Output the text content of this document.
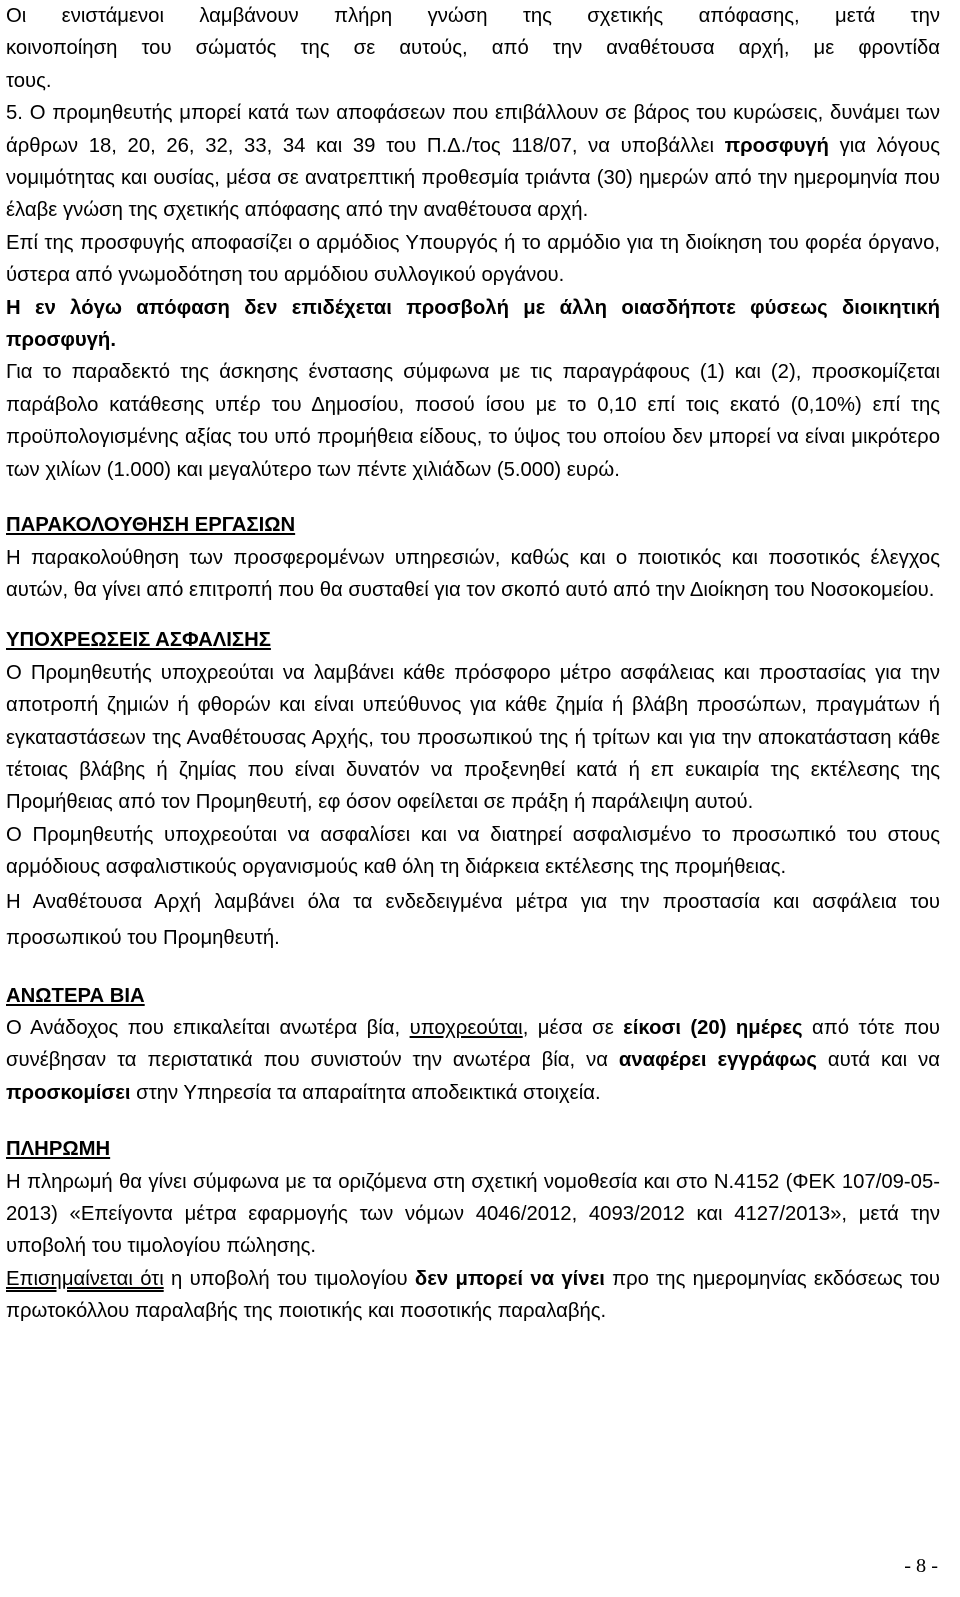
Οι ενιστάμενοι λαμβάνουν πλήρη γνώση της σχετικής απόφασης, μετά την

κοινοποίηση του σώματός της σε αυτούς, από την αναθέτουσα αρχή, με φροντίδα

τους.

5. Ο προμηθευτής μπορεί κατά των αποφάσεων που επιβάλλουν σε βάρος του κυρώσεις, δυνάμει των άρθρων 18, 20, 26, 32, 33, 34 και 39 του Π.Δ./τος 118/07, να υποβάλλει προσφυγή για λόγους νομιμότητας και ουσίας, μέσα σε ανατρεπτική προθεσμία τριάντα (30) ημερών από την ημερομηνία που έλαβε γνώση της σχετικής απόφασης από την αναθέτουσα αρχή.

Επί της προσφυγής αποφασίζει ο αρμόδιος Υπουργός ή το αρμόδιο για τη διοίκηση του φορέα όργανο, ύστερα από γνωμοδότηση του αρμόδιου συλλογικού οργάνου.

Η εν λόγω απόφαση δεν επιδέχεται προσβολή με άλλη οιασδήποτε φύσεως διοικητική προσφυγή.

Για το παραδεκτό της άσκησης ένστασης σύμφωνα με τις παραγράφους (1) και (2), προσκομίζεται παράβολο κατάθεσης υπέρ του Δημοσίου, ποσού ίσου με το 0,10 επί τοις εκατό (0,10%) επί της προϋπολογισμένης αξίας του υπό προμήθεια είδους, το ύψος του οποίου δεν μπορεί να είναι μικρότερο των χιλίων (1.000) και μεγαλύτερο των πέντε χιλιάδων (5.000) ευρώ.

ΠΑΡΑΚΟΛΟΥΘΗΣΗ ΕΡΓΑΣΙΩΝ

Η παρακολούθηση των προσφερομένων υπηρεσιών, καθώς και ο ποιοτικός και ποσοτικός έλεγχος αυτών, θα γίνει από επιτροπή που θα συσταθεί για τον σκοπό αυτό από την Διοίκηση του Νοσοκομείου.

ΥΠΟΧΡΕΩΣΕΙΣ ΑΣΦΑΛΙΣΗΣ

Ο Προμηθευτής υποχρεούται να λαμβάνει κάθε πρόσφορο μέτρο ασφάλειας και προστασίας για την αποτροπή ζημιών ή φθορών και είναι υπεύθυνος για κάθε ζημία ή βλάβη προσώπων, πραγμάτων ή εγκαταστάσεων της Αναθέτουσας Αρχής, του προσωπικού της ή τρίτων και για την αποκατάσταση κάθε τέτοιας βλάβης ή ζημίας που είναι δυνατόν να προξενηθεί κατά ή επ ευκαιρία της εκτέλεσης της Προμήθειας από τον Προμηθευτή, εφ όσον οφείλεται σε πράξη ή παράλειψη αυτού.

Ο Προμηθευτής υποχρεούται να ασφαλίσει και να διατηρεί ασφαλισμένο το προσωπικό του στους αρμόδιους ασφαλιστικούς οργανισμούς καθ όλη τη διάρκεια εκτέλεσης της προμήθειας.

Η Αναθέτουσα Αρχή λαμβάνει όλα τα ενδεδειγμένα μέτρα για την προστασία και ασφάλεια του προσωπικού του Προμηθευτή.

ΑΝΩΤΕΡΑ ΒΙΑ

Ο Ανάδοχος που επικαλείται ανωτέρα βία, υποχρεούται, μέσα σε είκοσι (20) ημέρες από τότε που συνέβησαν τα περιστατικά που συνιστούν την ανωτέρα βία, να αναφέρει εγγράφως αυτά και να προσκομίσει στην Υπηρεσία τα απαραίτητα αποδεικτικά στοιχεία.

ΠΛΗΡΩΜΗ

Η πληρωμή θα γίνει σύμφωνα με τα οριζόμενα στη σχετική νομοθεσία και στο Ν.4152 (ΦΕΚ 107/09-05-2013) «Επείγοντα μέτρα εφαρμογής των νόμων 4046/2012, 4093/2012 και 4127/2013», μετά την υποβολή του τιμολογίου πώλησης.

Επισημαίνεται ότι η υποβολή του τιμολογίου δεν μπορεί να γίνει προ της ημερομηνίας εκδόσεως του πρωτοκόλλου παραλαβής της ποιοτικής και ποσοτικής παραλαβής.

- 8 -
